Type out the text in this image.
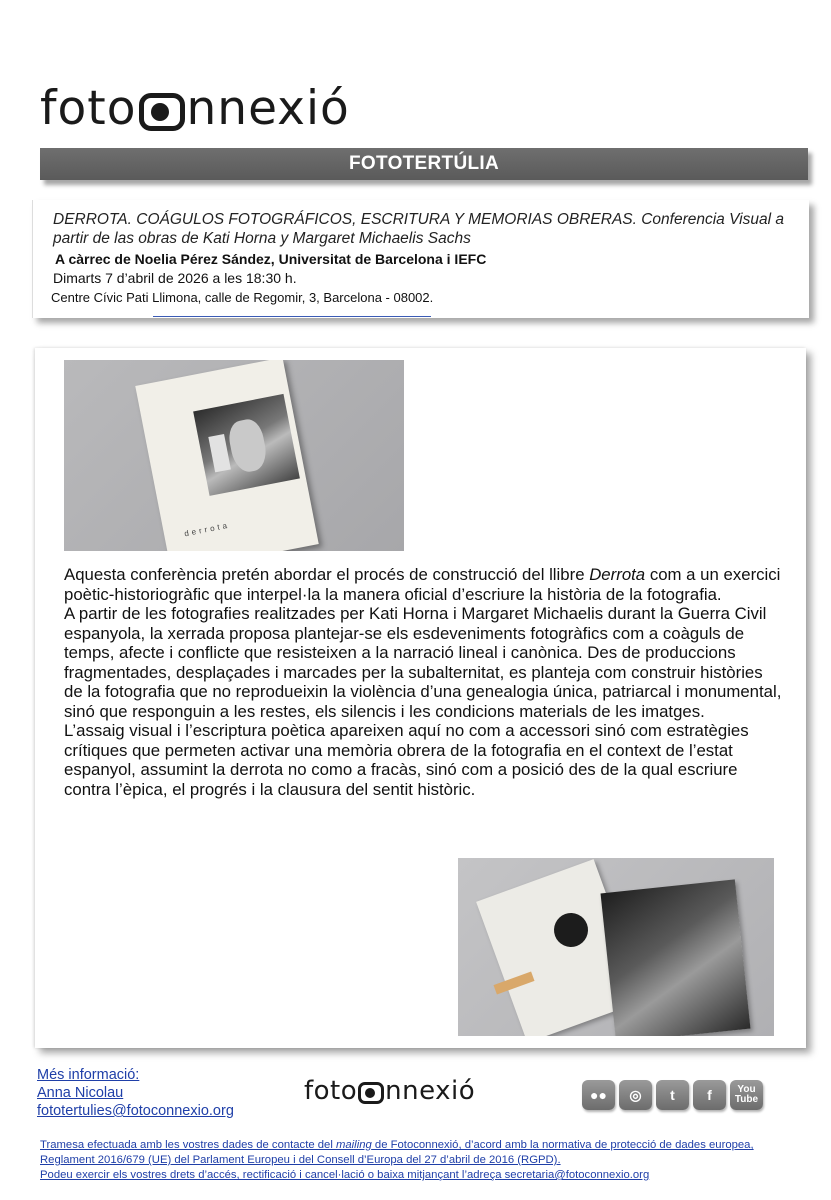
foto nnexi ó
FOTOTERTÚLIA
DERROTA. COÁGULOS FOTOGRÁFICOS, ESCRITURA Y MEMORIAS OBRERAS. Conferencia Visual a partir de las obras de Kati Horna y Margaret Michaelis Sachs
A càrrec de Noelia Pérez Sández, Universitat de Barcelona i IEFC
Dimarts 7 d’abril de 2026 a les 18:30 h.
Centre Cívic Pati Llimona, calle de Regomir, 3, Barcelona - 08002.
derrota

Aquesta conferència pretén abordar el procés de construcció del llibre Derrota com a un exercici poètic-historiogràfic que interpel·la la manera oficial d’escriure la història de la fotografia.

A partir de les fotografies realitzades per Kati Horna i Margaret Michaelis durant la Guerra Civil espanyola, la xerrada proposa plantejar-se els esdeveniments fotogràfics com a coàguls de temps, afecte i conflicte que resisteixen a la narració lineal i canònica. Des de produccions fragmentades, desplaçades i marcades per la subalternitat, es planteja com construir històries de la fotografia que no reprodueixin la violència d’una genealogia única, patriarcal i monumental, sinó que responguin a les restes, els silencis i les condicions materials de les imatges.

L’assaig visual i l’escriptura poètica apareixen aquí no com a accessori sinó com estratègies crítiques que permeten activar una memòria obrera de la fotografia en el context de l’estat espanyol, assumint la derrota no como a fracàs, sinó com a posició des de la qual escriure contra l’èpica, el progrés i la clausura del sentit històric.

Més informació:
Anna Nicolau
fototertulies@fotoconnexio.org
foto nnexi ó	●●	◎	t	f	You
Tube

Tramesa efectuada amb les vostres dades de contacte del mailing de Fotoconnexió, d’acord amb la normativa de protecció de dades europea, Reglament 2016/679 (UE) del Parlament Europeu i del Consell d’Europa del 27 d’abril de 2016 (RGPD).

Podeu exercir els vostres drets d’accés, rectificació i cancel·lació o baixa mitjançant l’adreça secretaria@fotoconnexio.org
